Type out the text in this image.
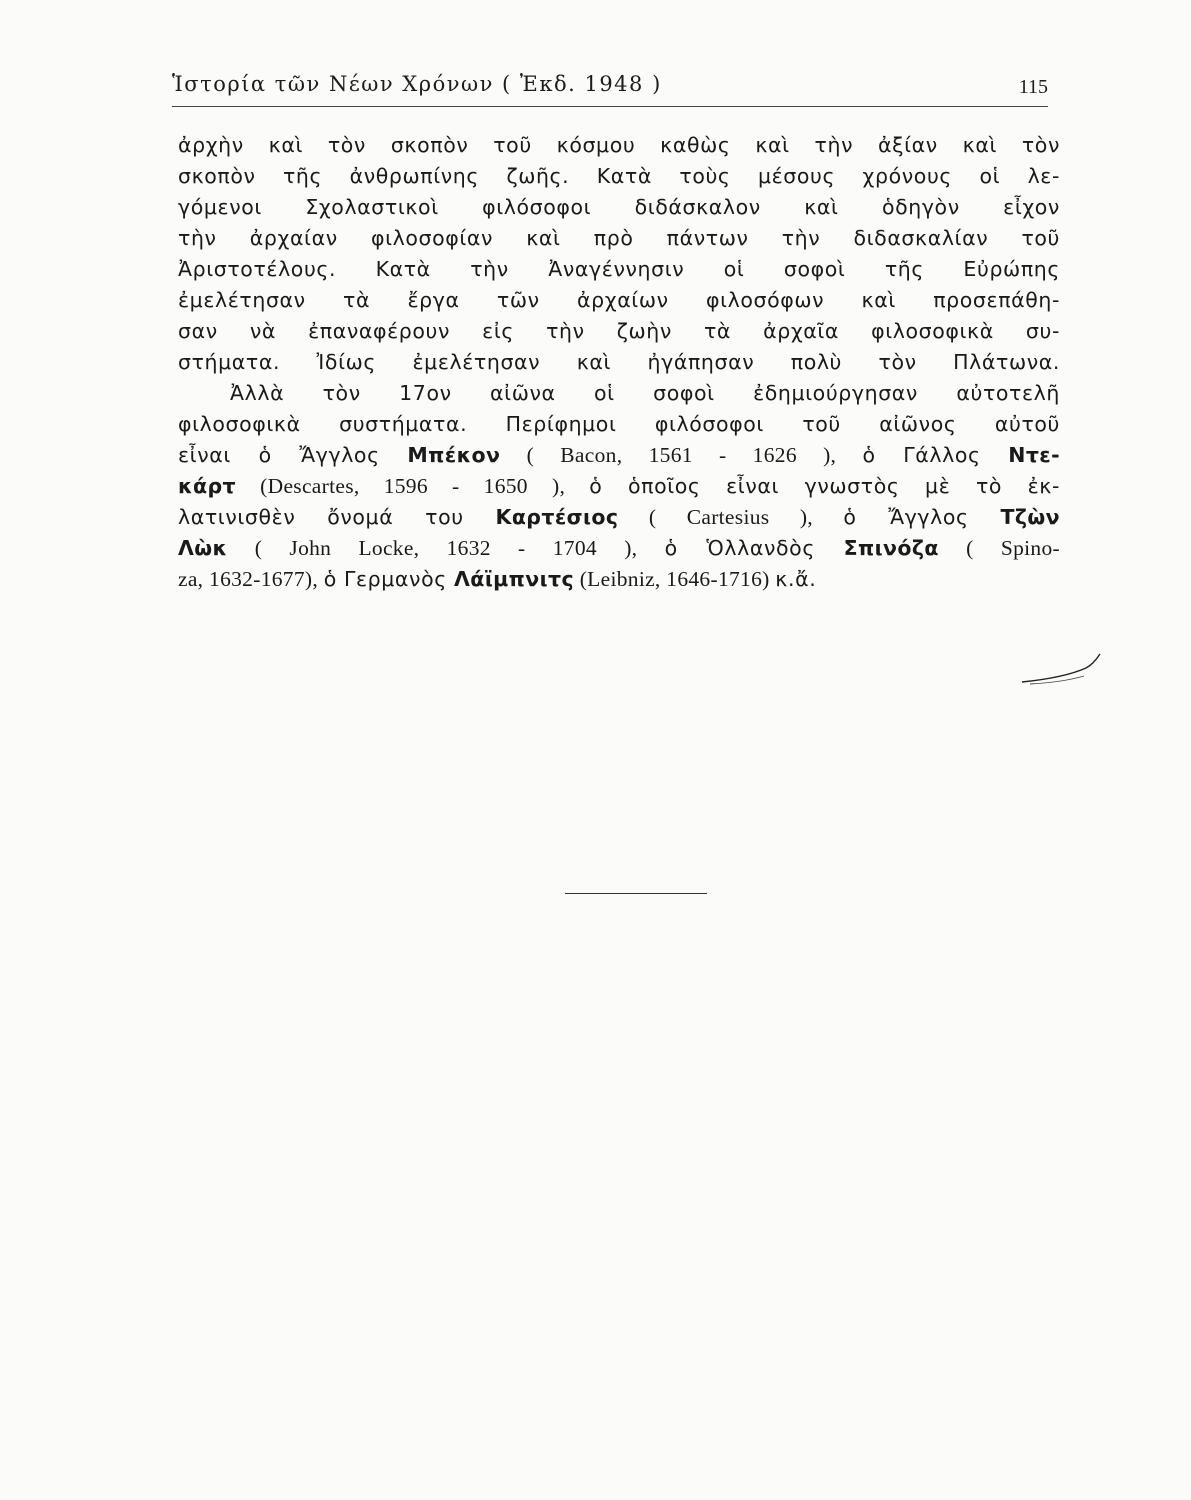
Ἱστορία τῶν Νέων Χρόνων ( Ἐκδ. 1948 )	115
ἀρχὴν καὶ τὸν σκοπὸν τοῦ κόσμου καθὼς καὶ τὴν ἀξίαν καὶ τὸν
σκοπὸν τῆς ἀνθρωπίνης ζωῆς. Κατὰ τοὺς μέσους χρόνους οἱ λε-
γόμενοι Σχολαστικοὶ φιλόσοφοι διδάσκαλον καὶ ὁδηγὸν εἶχον
τὴν ἀρχαίαν φιλοσοφίαν καὶ πρὸ πάντων τὴν διδασκαλίαν τοῦ
Ἀριστοτέλους. Κατὰ τὴν Ἀναγέννησιν οἱ σοφοὶ τῆς Εὐρώπης
ἐμελέτησαν τὰ ἔργα τῶν ἀρχαίων φιλοσόφων καὶ προσεπάθη-
σαν νὰ ἐπαναφέρουν εἰς τὴν ζωὴν τὰ ἀρχαῖα φιλοσοφικὰ συ-
στήματα. Ἰδίως ἐμελέτησαν καὶ ἠγάπησαν πολὺ τὸν Πλάτωνα.
Ἀλλὰ τὸν 17ον αἰῶνα οἱ σοφοὶ ἐδημιούργησαν αὐτοτελῆ
φιλοσοφικὰ συστήματα. Περίφημοι φιλόσοφοι τοῦ αἰῶνος αὐτοῦ
εἶναι ὁ Ἄγγλος Μπέκον ( Bacon, 1561 - 1626 ), ὁ Γάλλος Ντε-
κάρτ (Descartes, 1596 - 1650 ), ὁ ὁποῖος εἶναι γνωστὸς μὲ τὸ ἐκ-
λατινισθὲν ὄνομά του Καρτέσιος ( Cartesius ), ὁ Ἄγγλος Τζὼν
Λὼκ ( John Locke, 1632 - 1704 ), ὁ Ὁλλανδὸς Σπινόζα ( Spino-
za, 1632-1677), ὁ Γερμανὸς Λάϊμπνιτς (Leibniz, 1646-1716) κ.ἄ.
